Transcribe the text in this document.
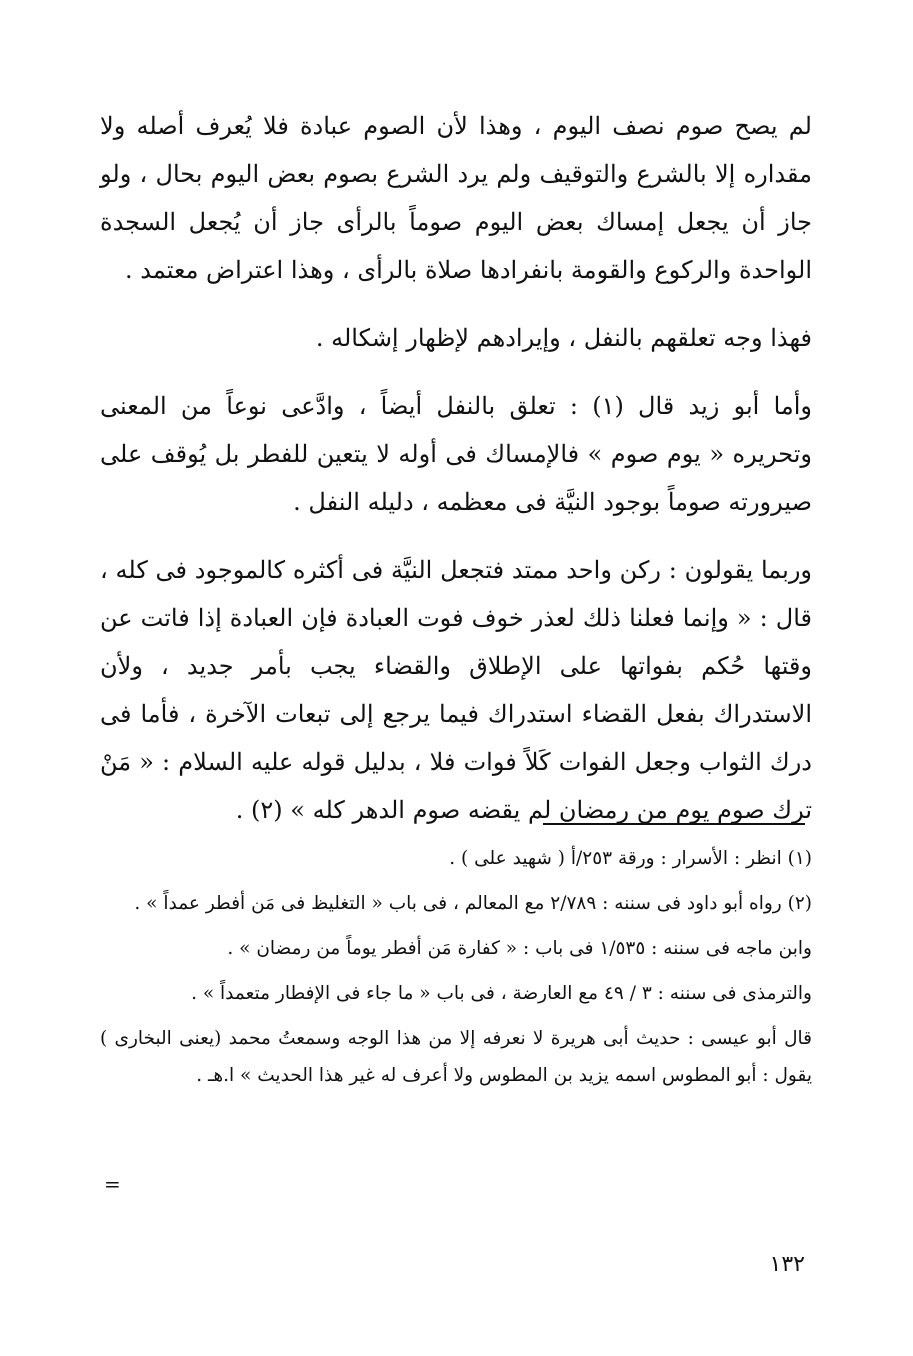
لم يصح صوم نصف اليوم ، وهذا لأن الصوم عبادة فلا يُعرف أصله ولا مقداره إلا بالشرع والتوقيف ولم يرد الشرع بصوم بعض اليوم بحال ، ولو جاز أن يجعل إمساك بعض اليوم صوماً بالرأى جاز أن يُجعل السجدة الواحدة والركوع والقومة بانفرادها صلاة بالرأى ، وهذا اعتراض معتمد .

فهذا وجه تعلقهم بالنفل ، وإيرادهم لإظهار إشكاله .

وأما أبو زيد قال (١) : تعلق بالنفل أيضاً ، وادَّعى نوعاً من المعنى وتحريره « يوم صوم » فالإمساك فى أوله لا يتعين للفطر بل يُوقف على صيرورته صوماً بوجود النيَّة فى معظمه ، دليله النفل .

وربما يقولون : ركن واحد ممتد فتجعل النيَّة فى أكثره كالموجود فى كله ، قال : « وإنما فعلنا ذلك لعذر خوف فوت العبادة فإن العبادة إذا فاتت عن وقتها حُكم بفواتها على الإطلاق والقضاء يجب بأمر جديد ، ولأن الاستدراك بفعل القضاء استدراك فيما يرجع إلى تبعات الآخرة ، فأما فى درك الثواب وجعل الفوات كَلاً فوات فلا ، بدليل قوله عليه السلام : « مَنْ ترك صوم يوم من رمضان لم يقضه صوم الدهر كله » (٢) .

(١) انظر : الأسرار : ورقة ٢٥٣/أ ( شهيد على ) .

(٢) رواه أبو داود فى سننه : ٢/٧٨٩ مع المعالم ، فى باب « التغليظ فى مَن أفطر عمداً » .

وابن ماجه فى سننه : ١/٥٣٥ فى باب : « كفارة مَن أفطر يوماً من رمضان » .

والترمذى فى سننه : ٣ / ٤٩ مع العارضة ، فى باب « ما جاء فى الإفطار متعمداً » .

قال أبو عيسى : حديث أبى هريرة لا نعرفه إلا من هذا الوجه وسمعتُ محمد (يعنى البخارى ) يقول : أبو المطوس اسمه يزيد بن المطوس ولا أعرف له غير هذا الحديث » ا.هـ .

=
١٣٢
